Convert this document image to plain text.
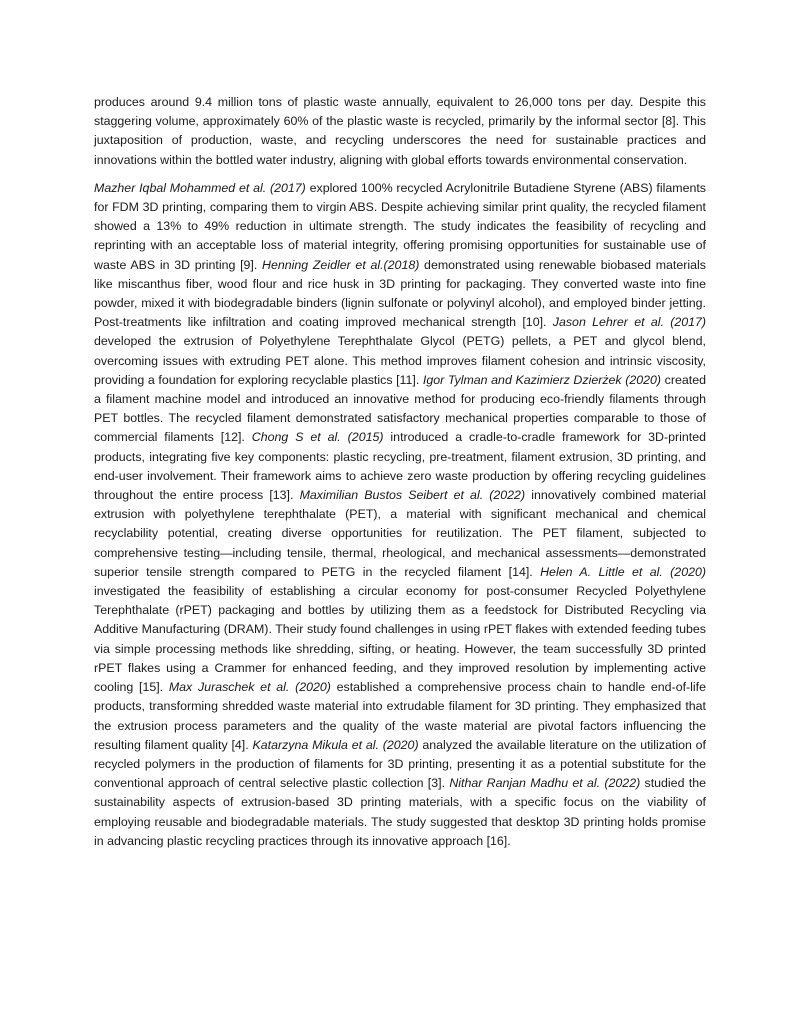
produces around 9.4 million tons of plastic waste annually, equivalent to 26,000 tons per day. Despite this staggering volume, approximately 60% of the plastic waste is recycled, primarily by the informal sector [8]. This juxtaposition of production, waste, and recycling underscores the need for sustainable practices and innovations within the bottled water industry, aligning with global efforts towards environmental conservation.

Mazher Iqbal Mohammed et al. (2017) explored 100% recycled Acrylonitrile Butadiene Styrene (ABS) filaments for FDM 3D printing, comparing them to virgin ABS. Despite achieving similar print quality, the recycled filament showed a 13% to 49% reduction in ultimate strength. The study indicates the feasibility of recycling and reprinting with an acceptable loss of material integrity, offering promising opportunities for sustainable use of waste ABS in 3D printing [9]. Henning Zeidler et al.(2018) demonstrated using renewable biobased materials like miscanthus fiber, wood flour and rice husk in 3D printing for packaging. They converted waste into fine powder, mixed it with biodegradable binders (lignin sulfonate or polyvinyl alcohol), and employed binder jetting. Post-treatments like infiltration and coating improved mechanical strength [10]. Jason Lehrer et al. (2017) developed the extrusion of Polyethylene Terephthalate Glycol (PETG) pellets, a PET and glycol blend, overcoming issues with extruding PET alone. This method improves filament cohesion and intrinsic viscosity, providing a foundation for exploring recyclable plastics [11]. Igor Tylman and Kazimierz Dzierżek (2020) created a filament machine model and introduced an innovative method for producing eco-friendly filaments through PET bottles. The recycled filament demonstrated satisfactory mechanical properties comparable to those of commercial filaments [12]. Chong S et al. (2015) introduced a cradle-to-cradle framework for 3D-printed products, integrating five key components: plastic recycling, pre-treatment, filament extrusion, 3D printing, and end-user involvement. Their framework aims to achieve zero waste production by offering recycling guidelines throughout the entire process [13]. Maximilian Bustos Seibert et al. (2022) innovatively combined material extrusion with polyethylene terephthalate (PET), a material with significant mechanical and chemical recyclability potential, creating diverse opportunities for reutilization. The PET filament, subjected to comprehensive testing—including tensile, thermal, rheological, and mechanical assessments—demonstrated superior tensile strength compared to PETG in the recycled filament [14]. Helen A. Little et al. (2020) investigated the feasibility of establishing a circular economy for post-consumer Recycled Polyethylene Terephthalate (rPET) packaging and bottles by utilizing them as a feedstock for Distributed Recycling via Additive Manufacturing (DRAM). Their study found challenges in using rPET flakes with extended feeding tubes via simple processing methods like shredding, sifting, or heating. However, the team successfully 3D printed rPET flakes using a Crammer for enhanced feeding, and they improved resolution by implementing active cooling [15]. Max Juraschek et al. (2020) established a comprehensive process chain to handle end-of-life products, transforming shredded waste material into extrudable filament for 3D printing. They emphasized that the extrusion process parameters and the quality of the waste material are pivotal factors influencing the resulting filament quality [4]. Katarzyna Mikula et al. (2020) analyzed the available literature on the utilization of recycled polymers in the production of filaments for 3D printing, presenting it as a potential substitute for the conventional approach of central selective plastic collection [3]. Nithar Ranjan Madhu et al. (2022) studied the sustainability aspects of extrusion-based 3D printing materials, with a specific focus on the viability of employing reusable and biodegradable materials. The study suggested that desktop 3D printing holds promise in advancing plastic recycling practices through its innovative approach [16].
